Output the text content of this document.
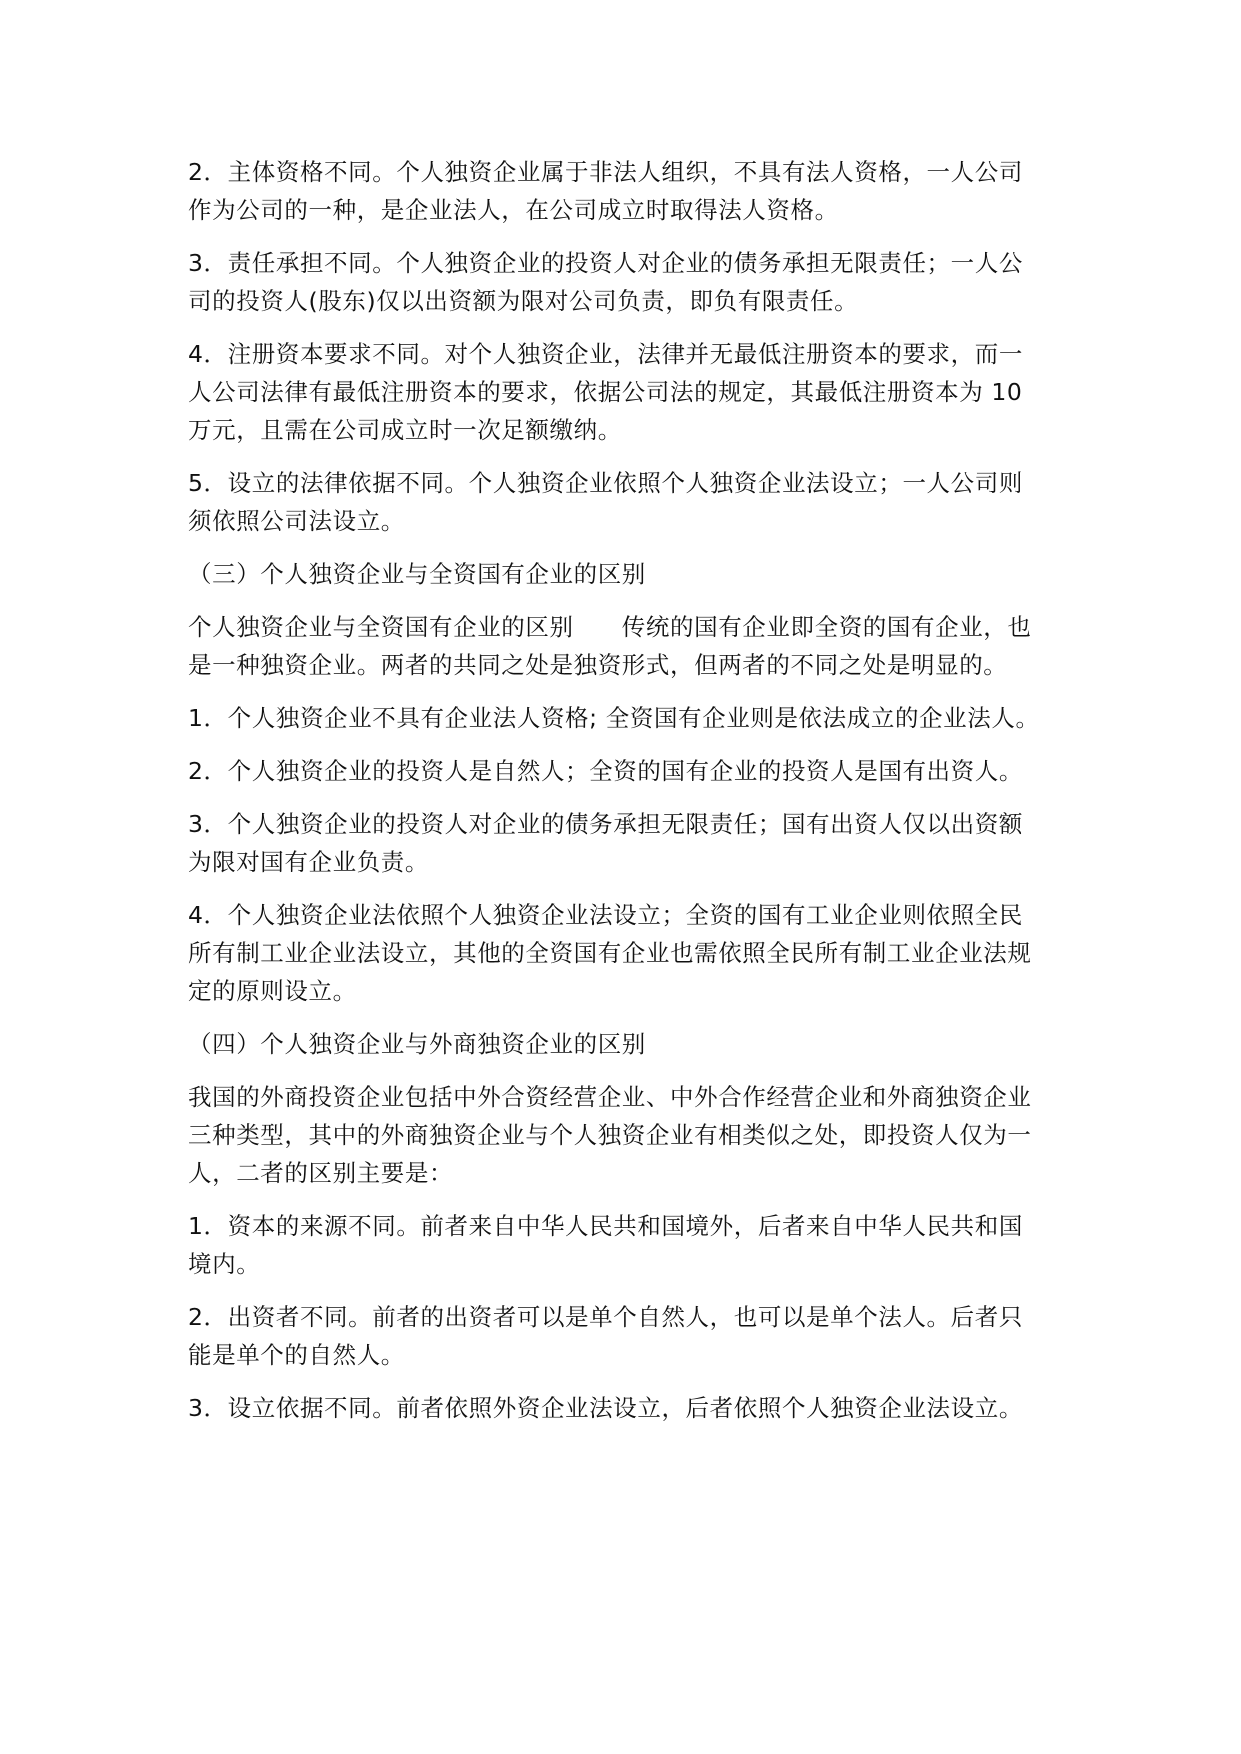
2．主体资格不同。个人独资企业属于非法人组织，不具有法人资格，一人公司

作为公司的一种，是企业法人，在公司成立时取得法人资格。

3．责任承担不同。个人独资企业的投资人对企业的债务承担无限责任；一人公

司的投资人(股东)仅以出资额为限对公司负责，即负有限责任。

4．注册资本要求不同。对个人独资企业，法律并无最低注册资本的要求，而一

人公司法律有最低注册资本的要求，依据公司法的规定，其最低注册资本为 10

万元，且需在公司成立时一次足额缴纳。

5．设立的法律依据不同。个人独资企业依照个人独资企业法设立；一人公司则

须依照公司法设立。

（三）个人独资企业与全资国有企业的区别

个人独资企业与全资国有企业的区别　　传统的国有企业即全资的国有企业，也

是一种独资企业。两者的共同之处是独资形式，但两者的不同之处是明显的。

1．个人独资企业不具有企业法人资格; 全资国有企业则是依法成立的企业法人。

2．个人独资企业的投资人是自然人；全资的国有企业的投资人是国有出资人。

3．个人独资企业的投资人对企业的债务承担无限责任；国有出资人仅以出资额

为限对国有企业负责。

4．个人独资企业法依照个人独资企业法设立；全资的国有工业企业则依照全民

所有制工业企业法设立，其他的全资国有企业也需依照全民所有制工业企业法规

定的原则设立。

（四）个人独资企业与外商独资企业的区别

我国的外商投资企业包括中外合资经营企业、中外合作经营企业和外商独资企业

三种类型，其中的外商独资企业与个人独资企业有相类似之处，即投资人仅为一

人，二者的区别主要是：

1．资本的来源不同。前者来自中华人民共和国境外，后者来自中华人民共和国

境内。

2．出资者不同。前者的出资者可以是单个自然人，也可以是单个法人。后者只

能是单个的自然人。

3．设立依据不同。前者依照外资企业法设立，后者依照个人独资企业法设立。
